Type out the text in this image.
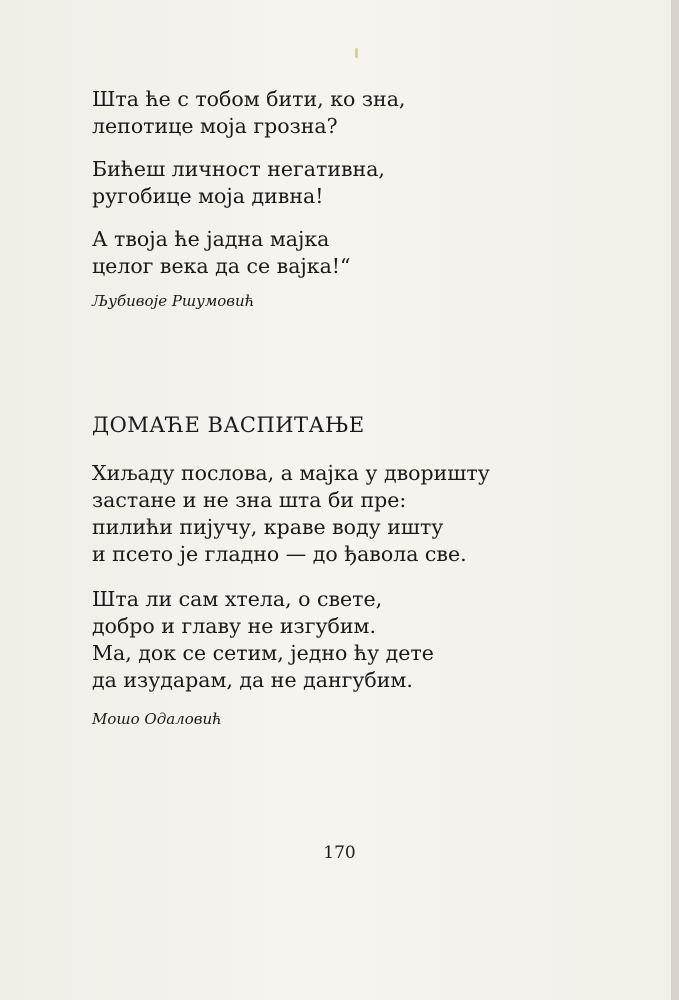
Шта ће с тобом бити, ко зна,
лепотице моја грозна?
Бићеш личност негативна,
ругобице моја дивна!
А твоја ће јадна мајка
целог века да се вајка!“
Љубивоје Ршумовић
ДОМАЋЕ ВАСПИТАЊЕ
Хиљаду послова, а мајка у дворишту
застане и не зна шта би пре:
пилићи пијучу, краве воду ишту
и псето је гладно — до ђавола све.
Шта ли сам хтела, о свете,
добро и главу не изгубим.
Ма, док се сетим, једно ћу дете
да изударам, да не дангубим.
Мошо Одаловић
170
